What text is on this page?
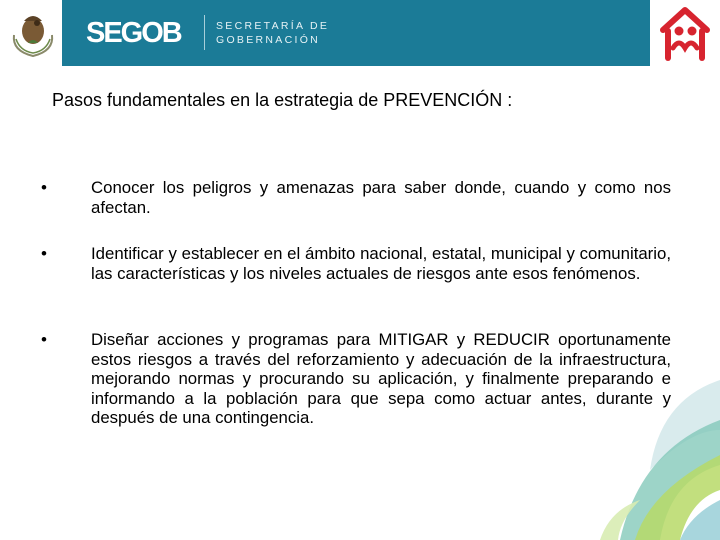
SEGOB	SECRETARÍA DE
GOBERNACIÓN
Pasos fundamentales en la estrategia de PREVENCIÓN :
•	Conocer los peligros y amenazas para saber donde, cuando y como nos afectan.
•	Identificar y establecer en el ámbito nacional, estatal, municipal y comunitario, las características y los niveles actuales de riesgos ante esos fenómenos.
•	Diseñar acciones y programas para MITIGAR y REDUCIR oportunamente estos riesgos a través del reforzamiento y adecuación de la infraestructura, mejorando normas y procurando su aplicación, y finalmente preparando e informando a la población para que sepa como actuar antes, durante y después de una contingencia.
